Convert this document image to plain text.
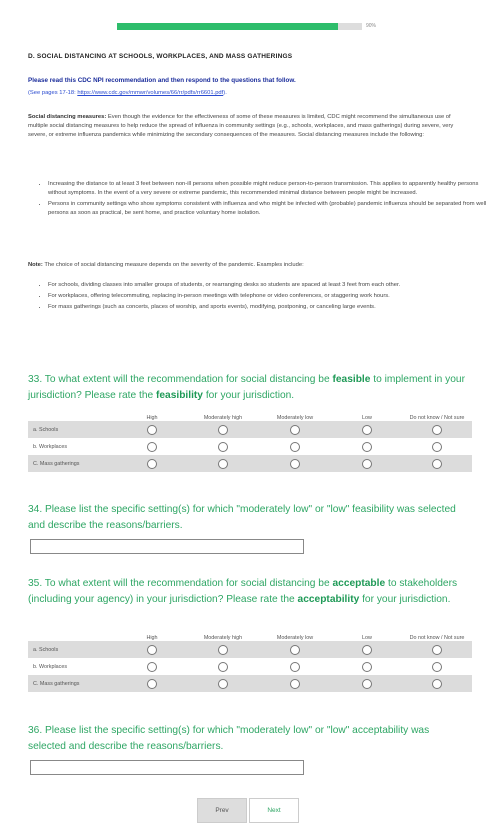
90%
D. SOCIAL DISTANCING AT SCHOOLS, WORKPLACES, AND MASS GATHERINGS
Please read this CDC NPI recommendation and then respond to the questions that follow.
(See pages 17-18: https://www.cdc.gov/mmwr/volumes/66/rr/pdfs/rr6601.pdf).
Social distancing measures: Even though the evidence for the effectiveness of some of these measures is limited, CDC might recommend the simultaneous use of multiple social distancing measures to help reduce the spread of influenza in community settings (e.g., schools, workplaces, and mass gatherings) during severe, very severe, or extreme influenza pandemics while minimizing the secondary consequences of the measures. Social distancing measures include the following:
• Increasing the distance to at least 3 feet between non-ill persons when possible might reduce person-to-person transmission. This applies to apparently healthy persons without symptoms. In the event of a very severe or extreme pandemic, this recommended minimal distance between people might be increased.
• Persons in community settings who show symptoms consistent with influenza and who might be infected with (probable) pandemic influenza should be separated from well persons as soon as practical, be sent home, and practice voluntary home isolation.
Note: The choice of social distancing measure depends on the severity of the pandemic. Examples include:
• For schools, dividing classes into smaller groups of students, or rearranging desks so students are spaced at least 3 feet from each other.
• For workplaces, offering telecommuting, replacing in-person meetings with telephone or video conferences, or staggering work hours.
• For mass gatherings (such as concerts, places of worship, and sports events), modifying, postponing, or canceling large events.
33. To what extent will the recommendation for social distancing be feasible to implement in your jurisdiction? Please rate the feasibility for your jurisdiction.
	High	Moderately high	Moderately low	Low	Do not know / Not sure
a. Schools					
b. Workplaces					
C. Mass gatherings					
34. Please list the specific setting(s) for which "moderately low" or "low" feasibility was selected and describe the reasons/barriers.
35. To what extent will the recommendation for social distancing be acceptable to stakeholders (including your agency) in your jurisdiction? Please rate the acceptability for your jurisdiction.
	High	Moderately high	Moderately low	Low	Do not know / Not sure
a. Schools					
b. Workplaces					
C. Mass gatherings					
36. Please list the specific setting(s) for which "moderately low" or "low" acceptability was selected and describe the reasons/barriers.
Prev	Next
